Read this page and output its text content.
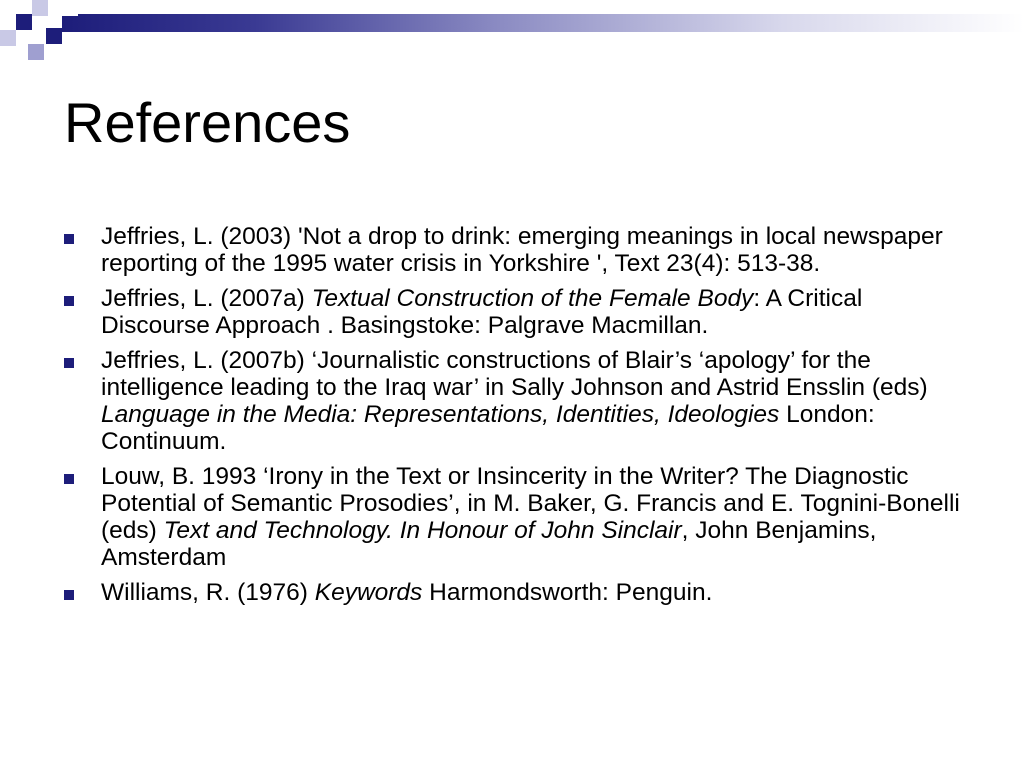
References
Jeffries, L. (2003) 'Not a drop to drink: emerging meanings in local newspaper reporting of the 1995 water crisis in Yorkshire ', Text 23(4): 513-38.
Jeffries, L. (2007a) Textual Construction of the Female Body: A Critical Discourse Approach . Basingstoke: Palgrave Macmillan.
Jeffries, L. (2007b) ‘Journalistic constructions of Blair’s ‘apology’ for the intelligence leading to the Iraq war’ in Sally Johnson and Astrid Ensslin (eds) Language in the Media: Representations, Identities, Ideologies London: Continuum.
Louw, B. 1993 ‘Irony in the Text or Insincerity in the Writer? The Diagnostic Potential of Semantic Prosodies’, in M. Baker, G. Francis and E. Tognini-Bonelli (eds) Text and Technology. In Honour of John Sinclair, John Benjamins, Amsterdam
Williams, R. (1976) Keywords Harmondsworth: Penguin.
